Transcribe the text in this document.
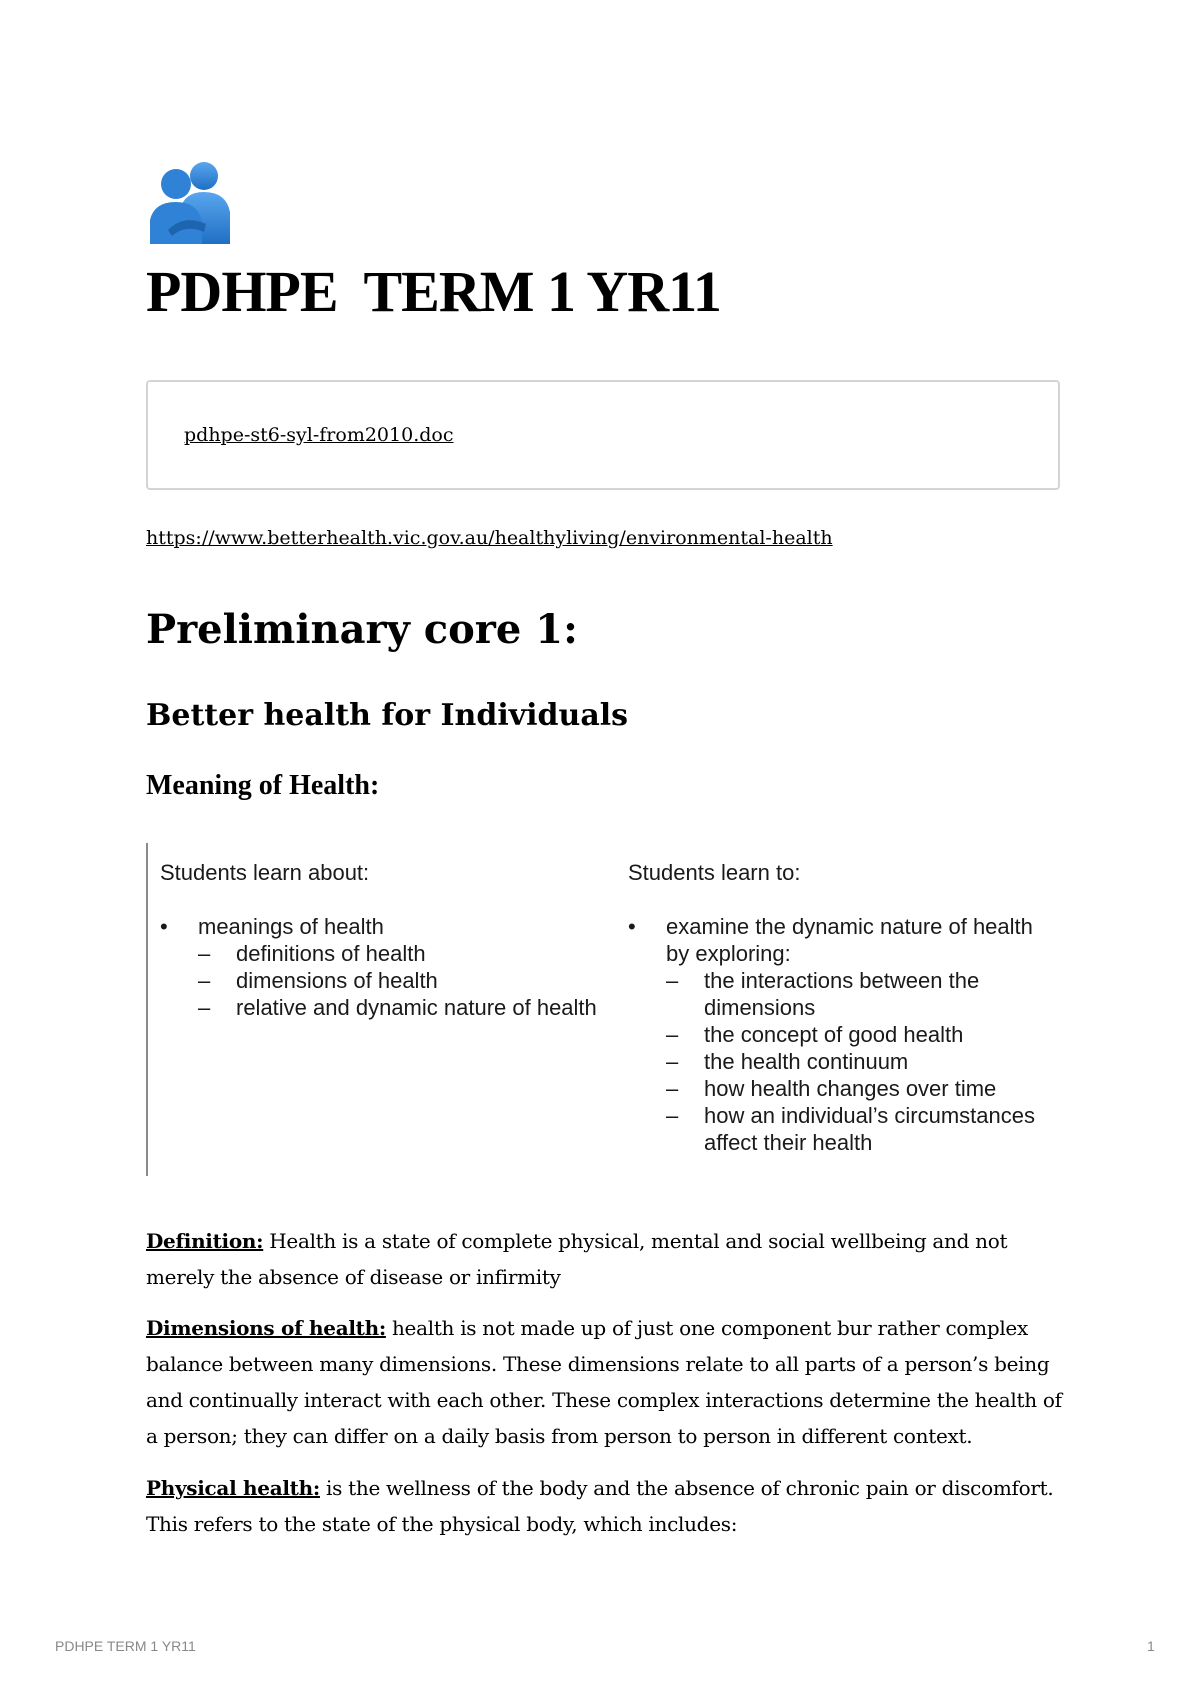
PDHPE  TERM 1 YR11
pdhpe-st6-syl-from2010.doc
https://www.betterhealth.vic.gov.au/healthyliving/environmental-health
Preliminary core 1:
Better health for Individuals
Meaning of Health:

Students learn about:

• meanings of health
– definitions of health
– dimensions of health
– relative and dynamic nature of health

Students learn to:

• examine the dynamic nature of health by exploring:
– the interactions between the dimensions
– the concept of good health
– the health continuum
– how health changes over time
– how an individual’s circumstances affect their health

Definition: Health is a state of complete physical, mental and social wellbeing and not merely the absence of disease or infirmity

Dimensions of health: health is not made up of just one component bur rather complex balance between many dimensions. These dimensions relate to all parts of a person’s being and continually interact with each other. These complex interactions determine the health of a person; they can differ on a daily basis from person to person in different context.

Physical health: is the wellness of the body and the absence of chronic pain or discomfort. This refers to the state of the physical body, which includes:

PDHPE TERM 1 YR11	1
